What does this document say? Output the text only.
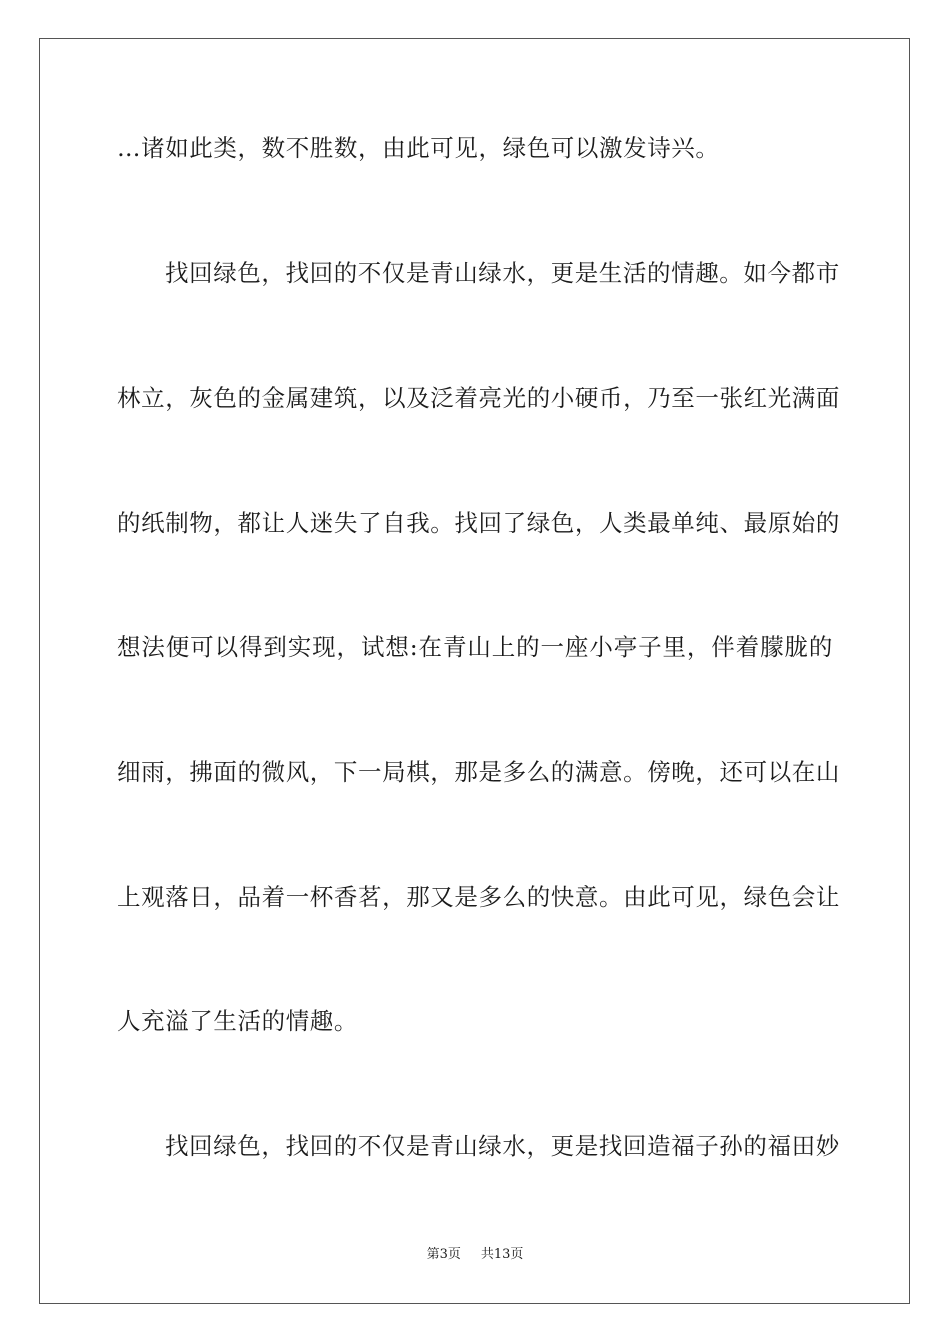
…诸如此类，数不胜数，由此可见，绿色可以激发诗兴。
找回绿色，找回的不仅是青山绿水，更是生活的情趣。如今都市
林立，灰色的金属建筑，以及泛着亮光的小硬币，乃至一张红光满面
的纸制物，都让人迷失了自我。找回了绿色，人类最单纯、最原始的
想法便可以得到实现，试想:在青山上的一座小亭子里，伴着朦胧的
细雨，拂面的微风，下一局棋，那是多么的满意。傍晚，还可以在山
上观落日，品着一杯香茗，那又是多么的快意。由此可见，绿色会让
人充溢了生活的情趣。
找回绿色，找回的不仅是青山绿水，更是找回造福子孙的福田妙
第3页 共13页
